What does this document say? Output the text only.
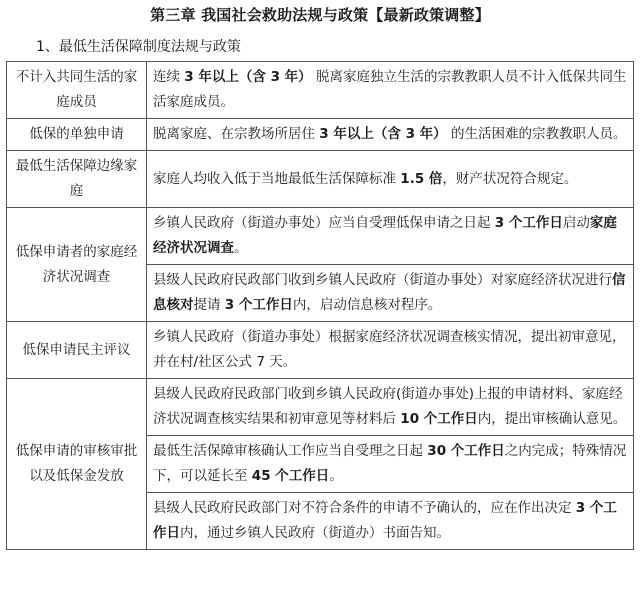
第三章 我国社会救助法规与政策【最新政策调整】
1、最低生活保障制度法规与政策
不计入共同生活的家庭成员	连续 3 年以上（含 3 年） 脱离家庭独立生活的宗教教职人员不计入低保共同生活家庭成员。
低保的单独申请	脱离家庭、在宗教场所居住 3 年以上（含 3 年） 的生活困难的宗教教职人员。
最低生活保障边缘家庭	家庭人均收入低于当地最低生活保障标准 1.5 倍，财产状况符合规定。
低保申请者的家庭经济状况调查	乡镇人民政府（街道办事处）应当自受理低保申请之日起 3 个工作日启动家庭经济状况调查。
	县级人民政府民政部门收到乡镇人民政府（街道办事处）对家庭经济状况进行信息核对提请 3 个工作日内，启动信息核对程序。
低保申请民主评议	乡镇人民政府（街道办事处）根据家庭经济状况调查核实情况，提出初审意见，并在村/社区公式 7 天。
低保申请的审核审批以及低保金发放	县级人民政府民政部门收到乡镇人民政府(街道办事处)上报的申请材料、家庭经济状况调查核实结果和初审意见等材料后 10 个工作日内，提出审核确认意见。
	最低生活保障审核确认工作应当自受理之日起 30 个工作日之内完成；特殊情况下，可以延长至 45 个工作日。
	县级人民政府民政部门对不符合条件的申请不予确认的，应在作出决定 3 个工作日内，通过乡镇人民政府（街道办）书面告知。
